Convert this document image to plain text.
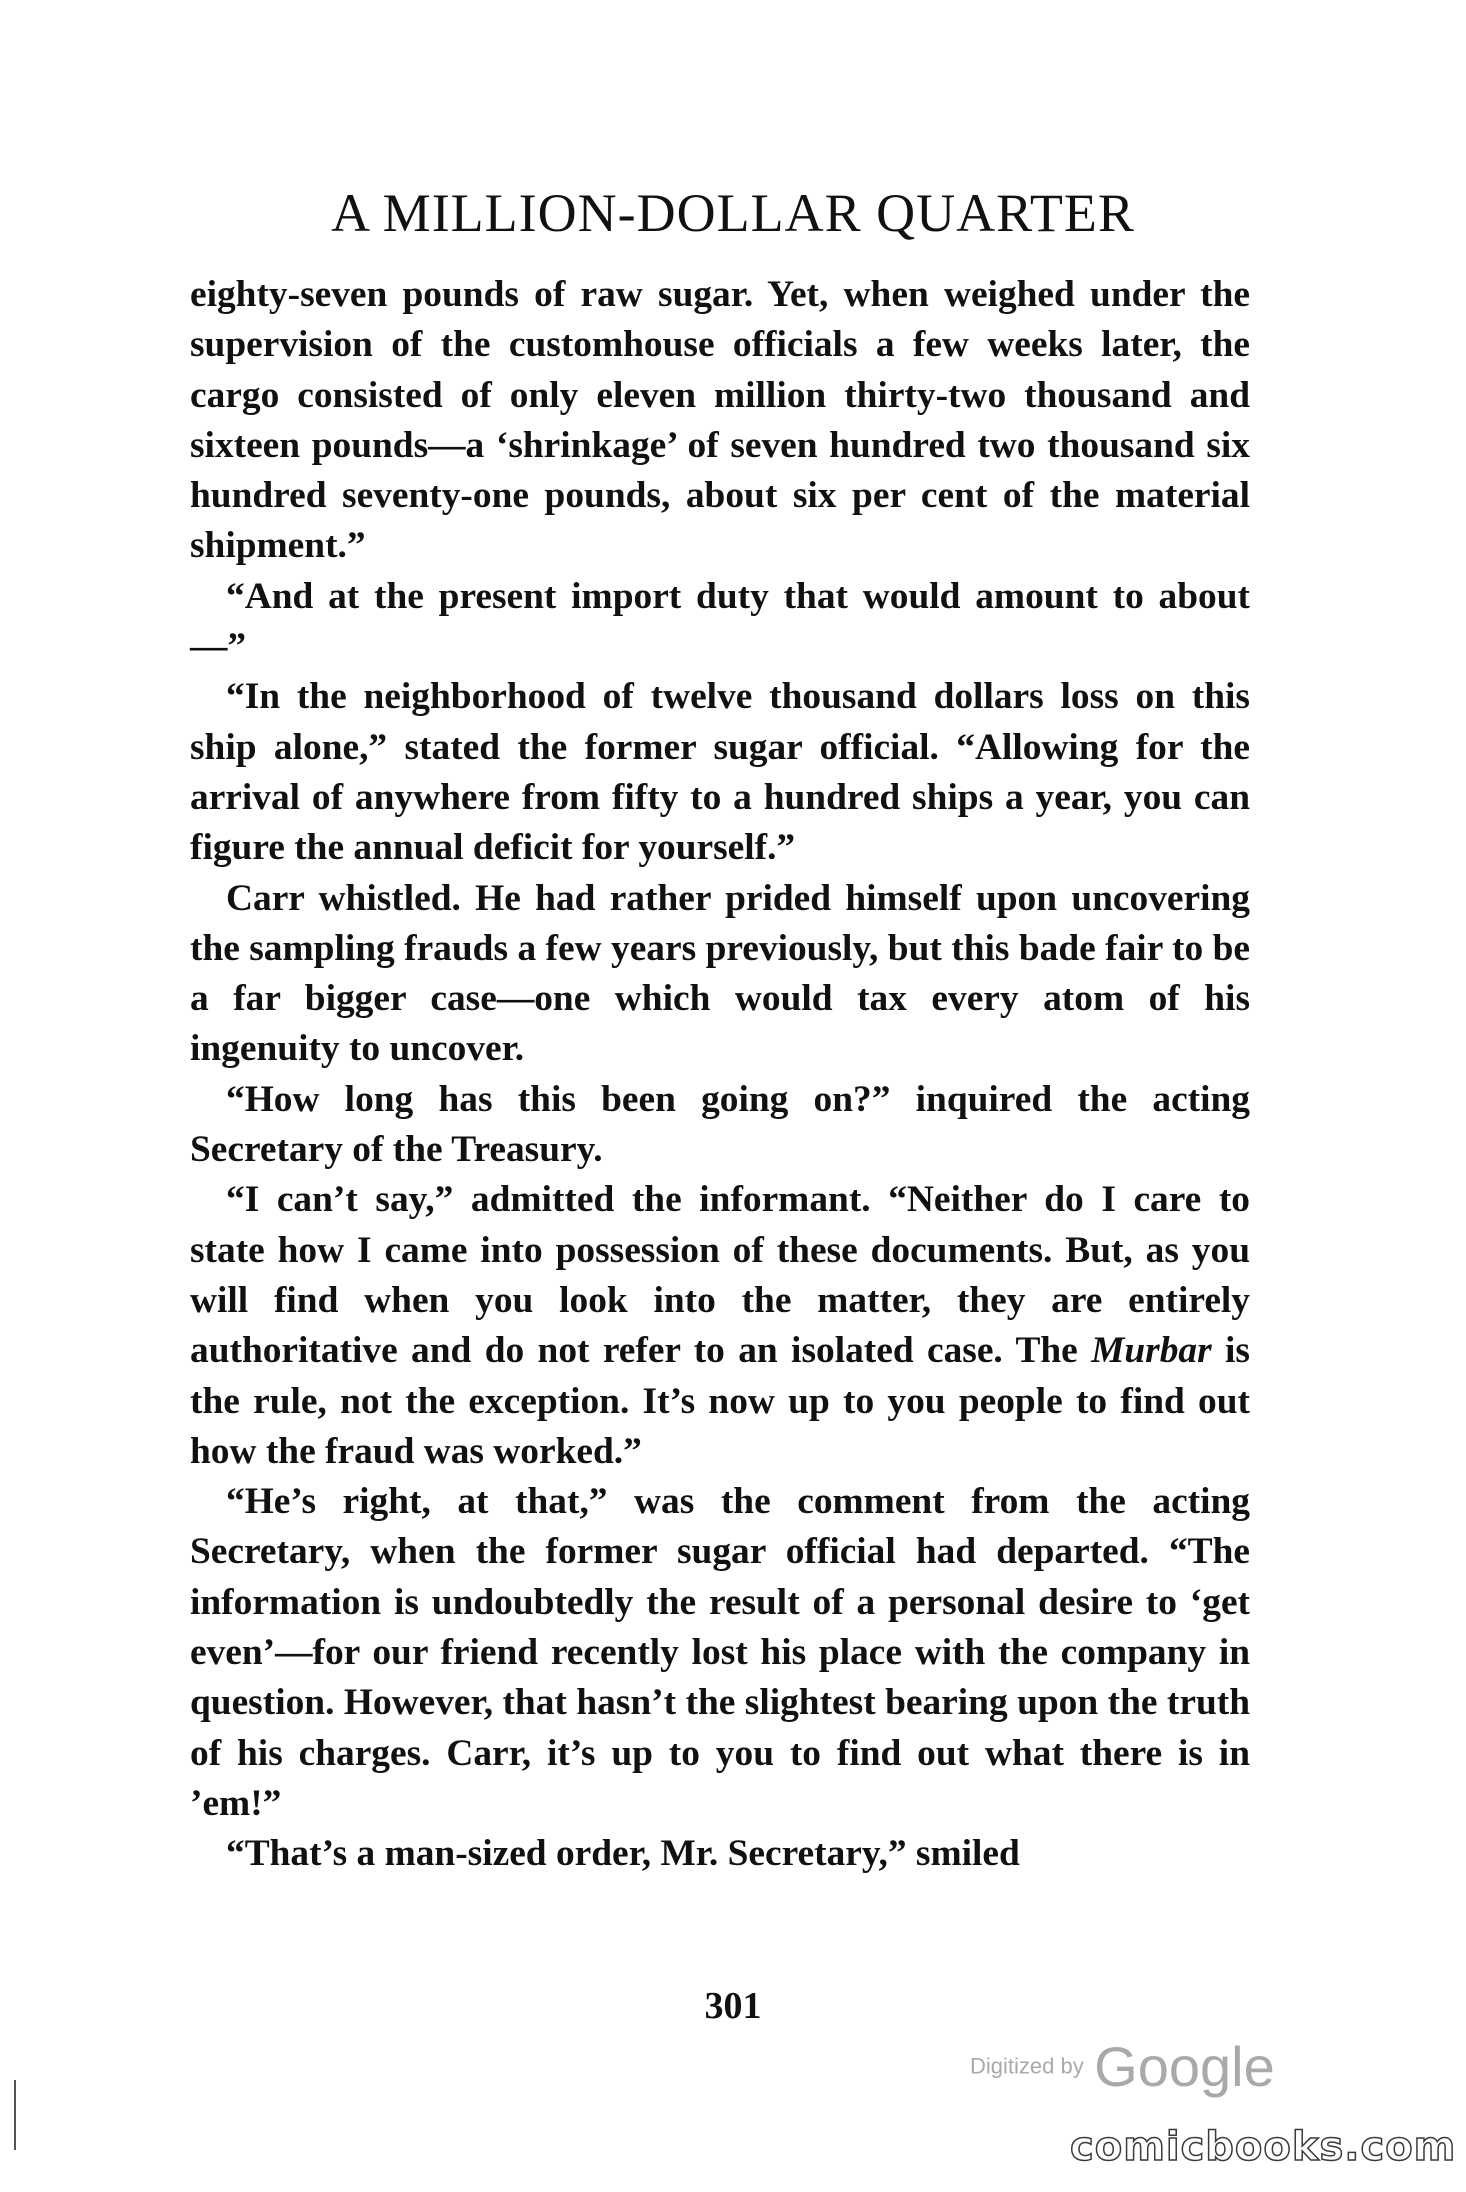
A MILLION-DOLLAR QUARTER

eighty-seven pounds of raw sugar. Yet, when weighed under the supervision of the customhouse officials a few weeks later, the cargo consisted of only eleven million thirty-two thousand and sixteen pounds—a ‘shrinkage’ of seven hundred two thousand six hundred seventy-one pounds, about six per cent of the material shipment.”

“And at the present import duty that would amount to about—”

“In the neighborhood of twelve thousand dollars loss on this ship alone,” stated the former sugar official. “Allowing for the arrival of anywhere from fifty to a hundred ships a year, you can figure the annual deficit for yourself.”

Carr whistled. He had rather prided himself upon uncovering the sampling frauds a few years previously, but this bade fair to be a far bigger case—one which would tax every atom of his ingenuity to uncover.

“How long has this been going on?” inquired the acting Secretary of the Treasury.

“I can’t say,” admitted the informant. “Neither do I care to state how I came into possession of these documents. But, as you will find when you look into the matter, they are entirely authoritative and do not refer to an isolated case. The Murbar is the rule, not the exception. It’s now up to you people to find out how the fraud was worked.”

“He’s right, at that,” was the comment from the acting Secretary, when the former sugar official had departed. “The information is undoubtedly the result of a personal desire to ‘get even’—for our friend recently lost his place with the company in question. However, that hasn’t the slightest bearing upon the truth of his charges. Carr, it’s up to you to find out what there is in ’em!”

“That’s a man-sized order, Mr. Secretary,” smiled

301
Digitized by Google
comicbooks.com
